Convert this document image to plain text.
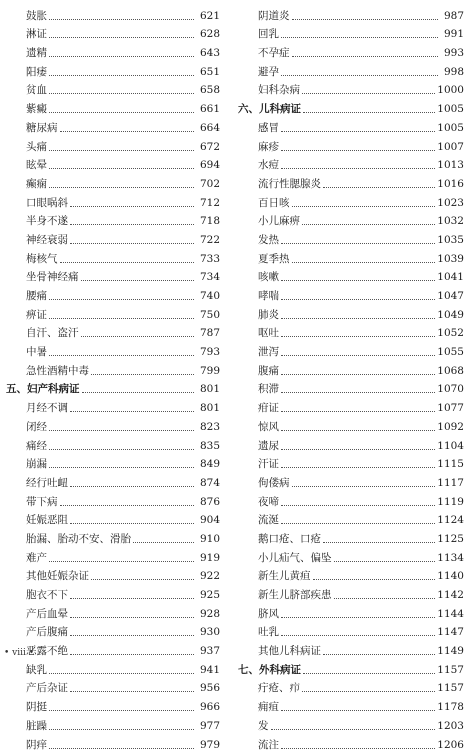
鼓胀	621
淋证	628
遗精	643
阳痿	651
贫血	658
紫癜	661
糖尿病	664
头痛	672
眩晕	694
癫痫	702
口眼㖞斜	712
半身不遂	718
神经衰弱	722
梅核气	733
坐骨神经痛	734
腰痛	740
痹证	750
自汗、盗汗	787
中暑	793
急性酒精中毒	799
五、妇产科病证	801
月经不调	801
闭经	823
痛经	835
崩漏	849
经行吐衄	874
带下病	876
妊娠恶阻	904
胎漏、胎动不安、滑胎	910
难产	919
其他妊娠杂证	922
胞衣不下	925
产后血晕	928
产后腹痛	930
恶露不绝	937
缺乳	941
产后杂证	956
阴挺	966
脏躁	977
阴痒	979
阴道炎	987
回乳	991
不孕症	993
避孕	998
妇科杂病	1000
六、儿科病证	1005
感冒	1005
麻疹	1007
水痘	1013
流行性腮腺炎	1016
百日咳	1023
小儿麻痹	1032
发热	1035
夏季热	1039
咳嗽	1041
哮喘	1047
肺炎	1049
呕吐	1052
泄泻	1055
腹痛	1068
积滞	1070
疳证	1077
惊风	1092
遗尿	1104
汗证	1115
佝偻病	1117
夜啼	1119
流涎	1124
鹅口疮、口疮	1125
小儿疝气、偏坠	1134
新生儿黄疸	1140
新生儿脐部疾患	1142
脐风	1144
吐乳	1147
其他儿科病证	1149
七、外科病证	1157
疔疮、疖	1157
痈疽	1178
发	1203
流注	1206
• viii •
